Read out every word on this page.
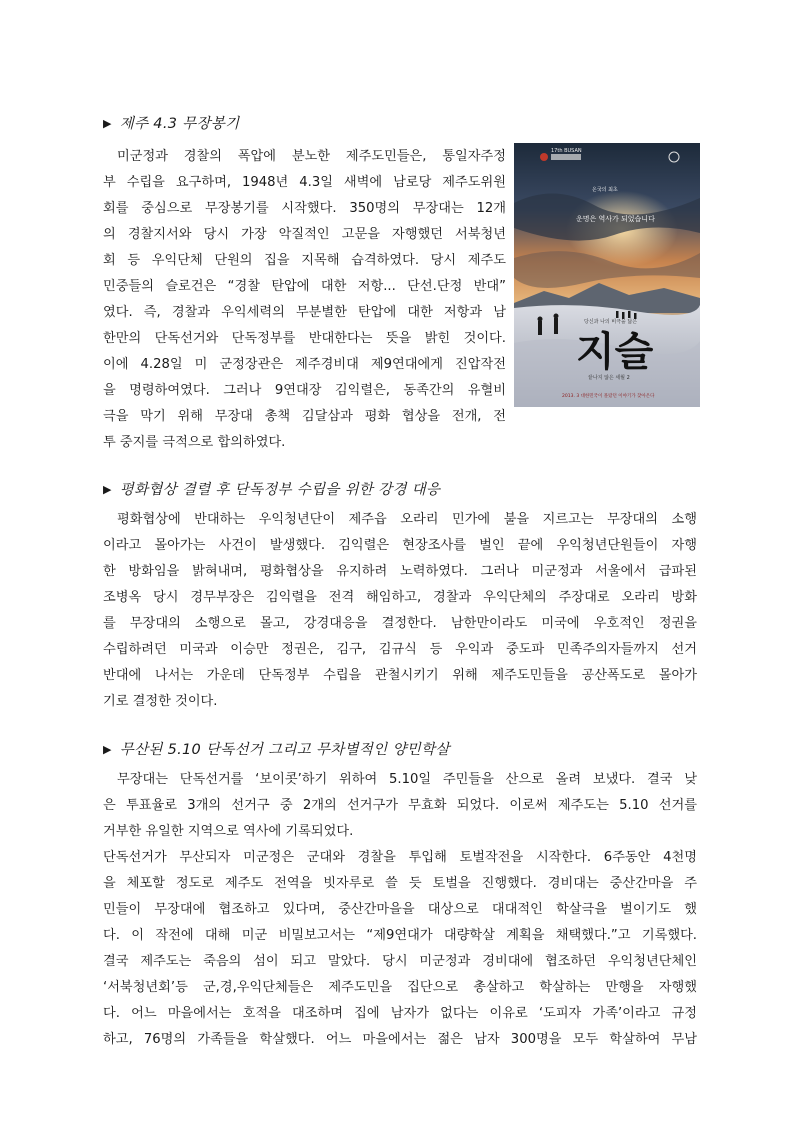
▶ 제주 4.3 무장봉기
미군정과 경찰의 폭압에 분노한 제주도민들은, 통일자주정
부 수립을 요구하며, 1948년 4.3일 새벽에 남로당 제주도위원
회를 중심으로 무장봉기를 시작했다. 350명의 무장대는 12개
의 경찰지서와 당시 가장 악질적인 고문을 자행했던 서북청년
회 등 우익단체 단원의 집을 지목해 습격하였다. 당시 제주도
민중들의 슬로건은 “경찰 탄압에 대한 저항... 단선.단정 반대”
였다. 즉, 경찰과 우익세력의 무분별한 탄압에 대한 저항과 남
한만의 단독선거와 단독정부를 반대한다는 뜻을 밝힌 것이다.
이에 4.28일 미 군정장관은 제주경비대 제9연대에게 진압작전
을 명령하여였다. 그러나 9연대장 김익렬은, 동족간의 유혈비
극을 막기 위해 무장대 총책 김달삼과 평화 협상을 전개, 전
투 중지를 극적으로 합의하였다.
17th BUSAN
온국의 최초
운명은 역사가 되었습니다
당신과 나의 비극을 닮은
지슬
끝나지 않은 세월 2
2013. 3 대한민국이 몰랐던 이야기가 찾아온다
▶ 평화협상 결렬 후 단독정부 수립을 위한 강경 대응
평화협상에 반대하는 우익청년단이 제주읍 오라리 민가에 불을 지르고는 무장대의 소행
이라고 몰아가는 사건이 발생했다. 김익렬은 현장조사를 벌인 끝에 우익청년단원들이 자행
한 방화임을 밝혀내며, 평화협상을 유지하려 노력하였다. 그러나 미군정과 서울에서 급파된
조병옥 당시 경무부장은 김익렬을 전격 해임하고, 경찰과 우익단체의 주장대로 오라리 방화
를 무장대의 소행으로 몰고, 강경대응을 결정한다. 남한만이라도 미국에 우호적인 정권을
수립하려던 미국과 이승만 정권은, 김구, 김규식 등 우익과 중도파 민족주의자들까지 선거
반대에 나서는 가운데 단독정부 수립을 관철시키기 위해 제주도민들을 공산폭도로 몰아가
기로 결정한 것이다.
▶ 무산된 5.10 단독선거 그리고 무차별적인 양민학살
무장대는 단독선거를 ‘보이콧’하기 위하여 5.10일 주민들을 산으로 올려 보냈다. 결국 낮
은 투표율로 3개의 선거구 중 2개의 선거구가 무효화 되었다. 이로써 제주도는 5.10 선거를
거부한 유일한 지역으로 역사에 기록되었다.
단독선거가 무산되자 미군정은 군대와 경찰을 투입해 토벌작전을 시작한다. 6주동안 4천명
을 체포할 정도로 제주도 전역을 빗자루로 쓸 듯 토벌을 진행했다. 경비대는 중산간마을 주
민들이 무장대에 협조하고 있다며, 중산간마을을 대상으로 대대적인 학살극을 벌이기도 했
다. 이 작전에 대해 미군 비밀보고서는 “제9연대가 대량학살 계획을 채택했다.”고 기록했다.
결국 제주도는 죽음의 섬이 되고 말았다. 당시 미군정과 경비대에 협조하던 우익청년단체인
‘서북청년회’등 군,경,우익단체들은 제주도민을 집단으로 총살하고 학살하는 만행을 자행했
다. 어느 마을에서는 호적을 대조하며 집에 남자가 없다는 이유로 ‘도피자 가족’이라고 규정
하고, 76명의 가족들을 학살했다. 어느 마을에서는 젊은 남자 300명을 모두 학살하여 무남
